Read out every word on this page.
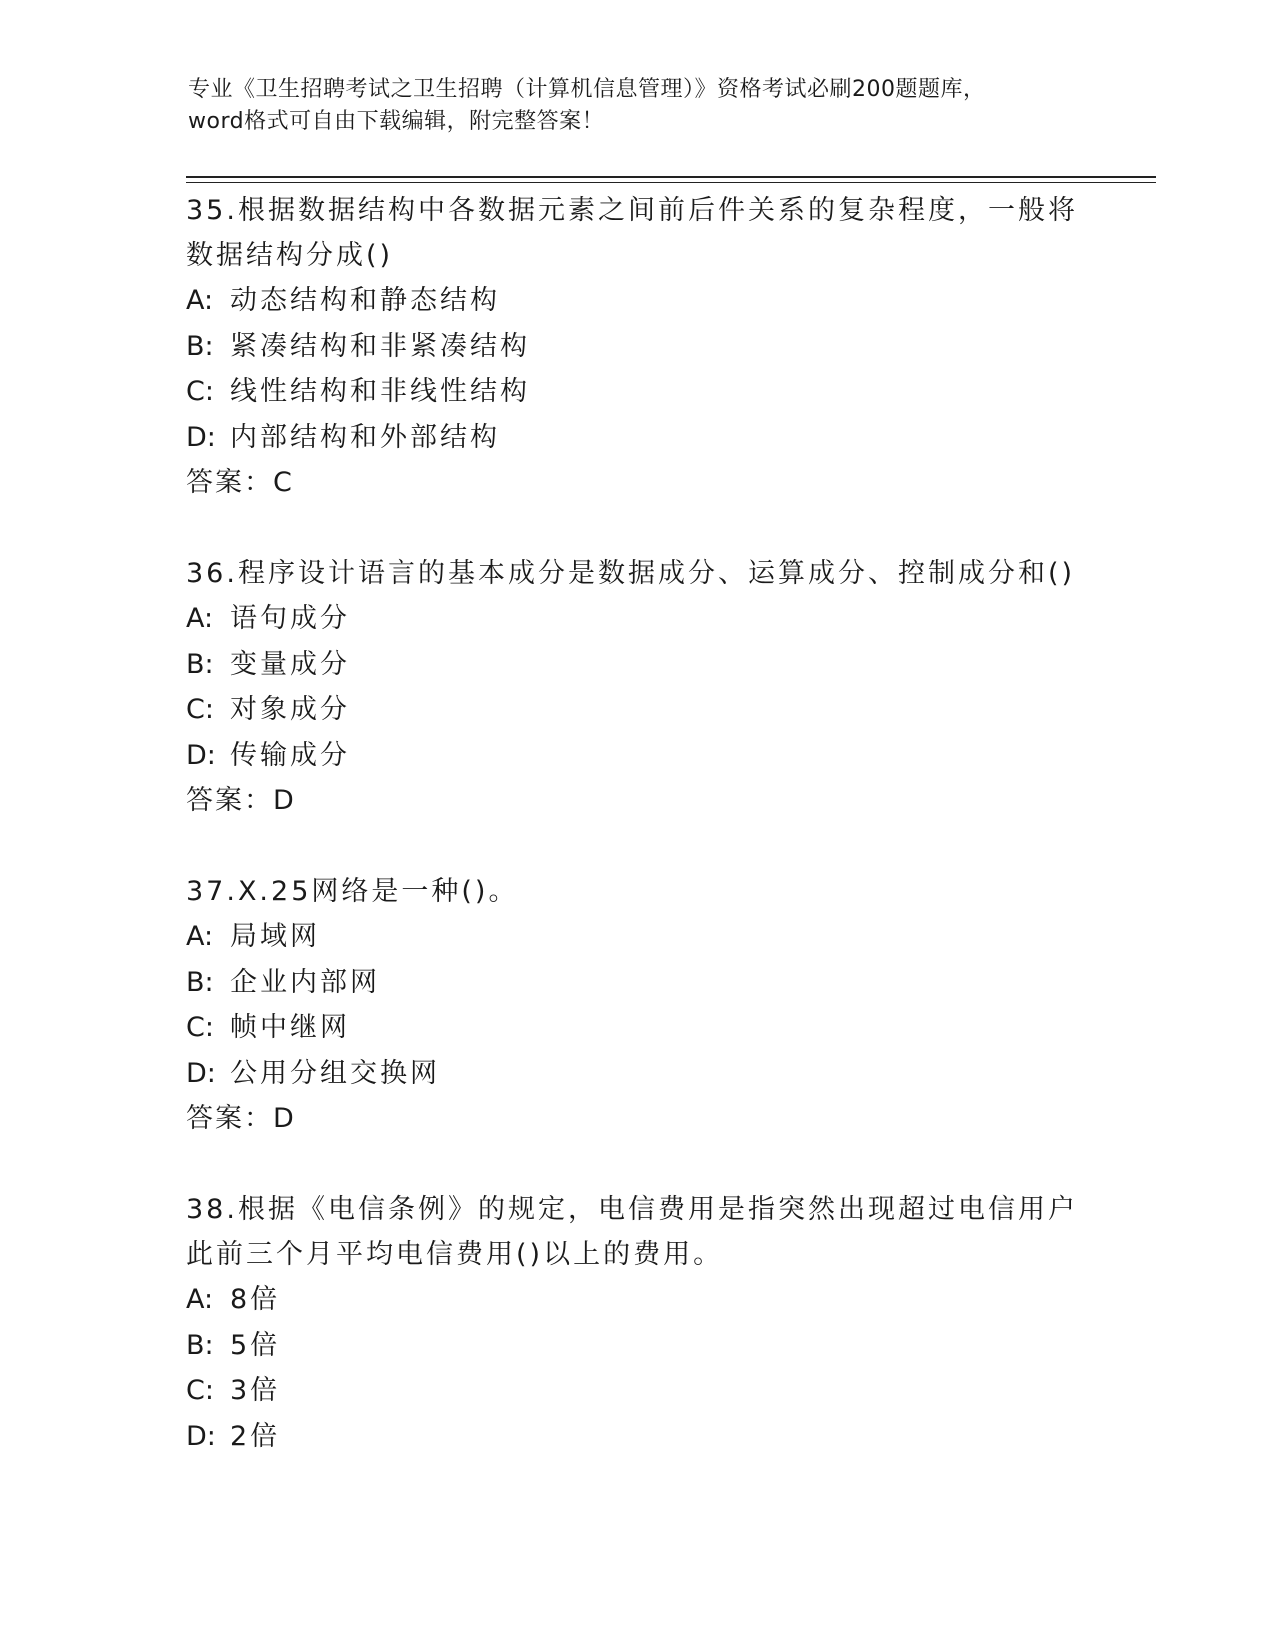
专业《卫生招聘考试之卫生招聘（计算机信息管理）》资格考试必刷200题题库，
word格式可自由下载编辑，附完整答案！

35.根据数据结构中各数据元素之间前后件关系的复杂程度，一般将数据结构分成()

A: 动态结构和静态结构
B: 紧凑结构和非紧凑结构
C: 线性结构和非线性结构
D: 内部结构和外部结构
答案：C

36.程序设计语言的基本成分是数据成分、运算成分、控制成分和()

A: 语句成分
B: 变量成分
C: 对象成分
D: 传输成分
答案：D

37.X.25网络是一种()。

A: 局域网
B: 企业内部网
C: 帧中继网
D: 公用分组交换网
答案：D

38.根据《电信条例》的规定，电信费用是指突然出现超过电信用户此前三个月平均电信费用()以上的费用。

A: 8倍
B: 5倍
C: 3倍
D: 2倍
